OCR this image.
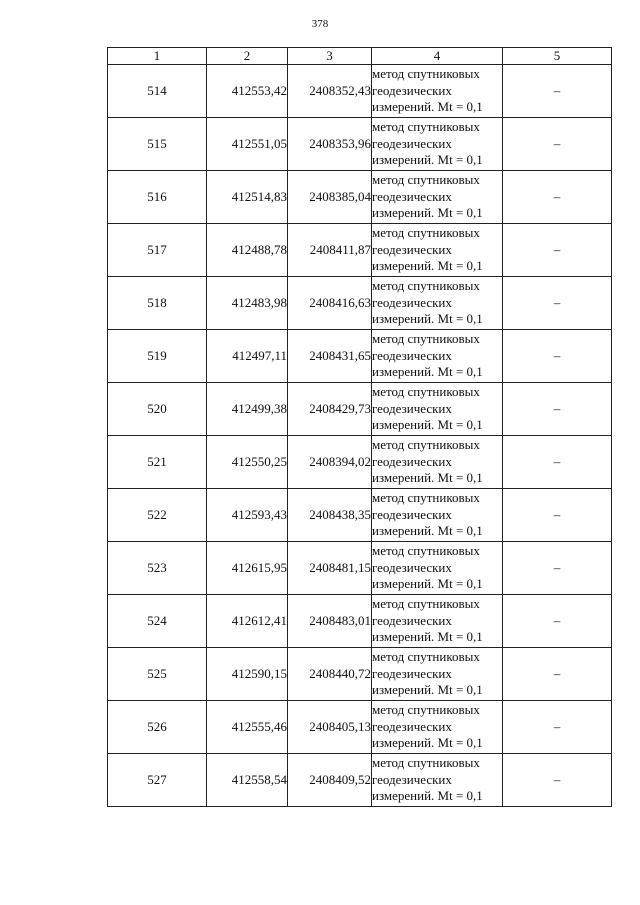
378
1	2	3	4	5
514	412553,42	2408352,43	метод спутниковых
геодезических
измерений. Mt = 0,1	–
515	412551,05	2408353,96	метод спутниковых
геодезических
измерений. Mt = 0,1	–
516	412514,83	2408385,04	метод спутниковых
геодезических
измерений. Mt = 0,1	–
517	412488,78	2408411,87	метод спутниковых
геодезических
измерений. Mt = 0,1	–
518	412483,98	2408416,63	метод спутниковых
геодезических
измерений. Mt = 0,1	–
519	412497,11	2408431,65	метод спутниковых
геодезических
измерений. Mt = 0,1	–
520	412499,38	2408429,73	метод спутниковых
геодезических
измерений. Mt = 0,1	–
521	412550,25	2408394,02	метод спутниковых
геодезических
измерений. Mt = 0,1	–
522	412593,43	2408438,35	метод спутниковых
геодезических
измерений. Mt = 0,1	–
523	412615,95	2408481,15	метод спутниковых
геодезических
измерений. Mt = 0,1	–
524	412612,41	2408483,01	метод спутниковых
геодезических
измерений. Mt = 0,1	–
525	412590,15	2408440,72	метод спутниковых
геодезических
измерений. Mt = 0,1	–
526	412555,46	2408405,13	метод спутниковых
геодезических
измерений. Mt = 0,1	–
527	412558,54	2408409,52	метод спутниковых
геодезических
измерений. Mt = 0,1	–
